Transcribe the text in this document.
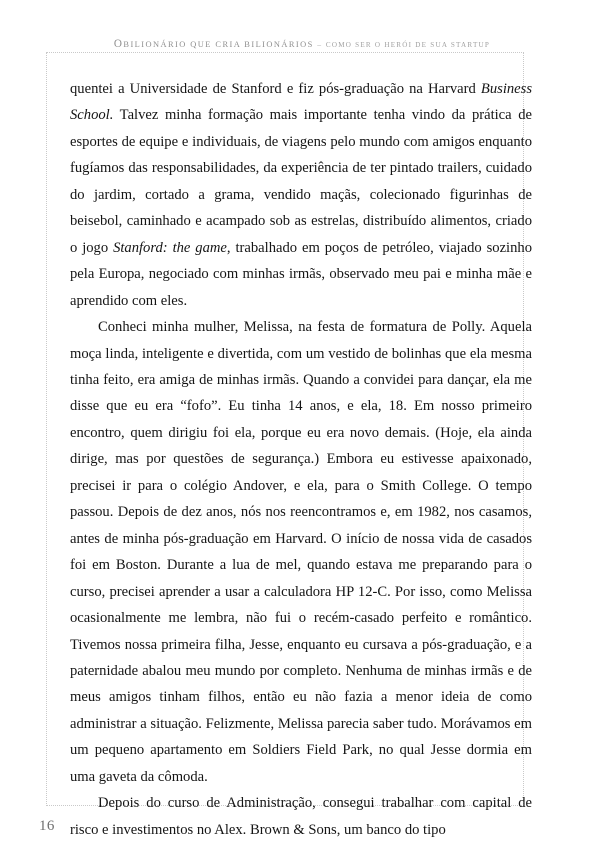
OBILIONÁRIO QUE CRIA BILIONÁRIOS – COMO SER O HERÓI DE SUA STARTUP

quentei a Universidade de Stanford e fiz pós-graduação na Harvard Business School. Talvez minha formação mais importante tenha vindo da prática de esportes de equipe e individuais, de viagens pelo mundo com amigos enquanto fugíamos das responsabilidades, da experiência de ter pintado trailers, cuidado do jardim, cortado a grama, vendido maçãs, colecionado figurinhas de beisebol, caminhado e acampado sob as estrelas, distribuído alimentos, criado o jogo Stanford: the game, trabalhado em poços de petróleo, viajado sozinho pela Europa, negociado com minhas irmãs, observado meu pai e minha mãe e aprendido com eles.

Conheci minha mulher, Melissa, na festa de formatura de Polly. Aquela moça linda, inteligente e divertida, com um vestido de bolinhas que ela mesma tinha feito, era amiga de minhas irmãs. Quando a convidei para dançar, ela me disse que eu era “fofo”. Eu tinha 14 anos, e ela, 18. Em nosso primeiro encontro, quem dirigiu foi ela, porque eu era novo demais. (Hoje, ela ainda dirige, mas por questões de segurança.) Embora eu estivesse apaixonado, precisei ir para o colégio Andover, e ela, para o Smith College. O tempo passou. Depois de dez anos, nós nos reencontramos e, em 1982, nos casamos, antes de minha pós-graduação em Harvard. O início de nossa vida de casados foi em Boston. Durante a lua de mel, quando estava me preparando para o curso, precisei aprender a usar a calculadora HP 12-C. Por isso, como Melissa ocasionalmente me lembra, não fui o recém-casado perfeito e romântico. Tivemos nossa primeira filha, Jesse, enquanto eu cursava a pós-graduação, e a paternidade abalou meu mundo por completo. Nenhuma de minhas irmãs e de meus amigos tinham filhos, então eu não fazia a menor ideia de como administrar a situação. Felizmente, Melissa parecia saber tudo. Morávamos em um pequeno apartamento em Soldiers Field Park, no qual Jesse dormia em uma gaveta da cômoda.

Depois do curso de Administração, consegui trabalhar com capital de risco e investimentos no Alex. Brown & Sons, um banco do tipo

16
